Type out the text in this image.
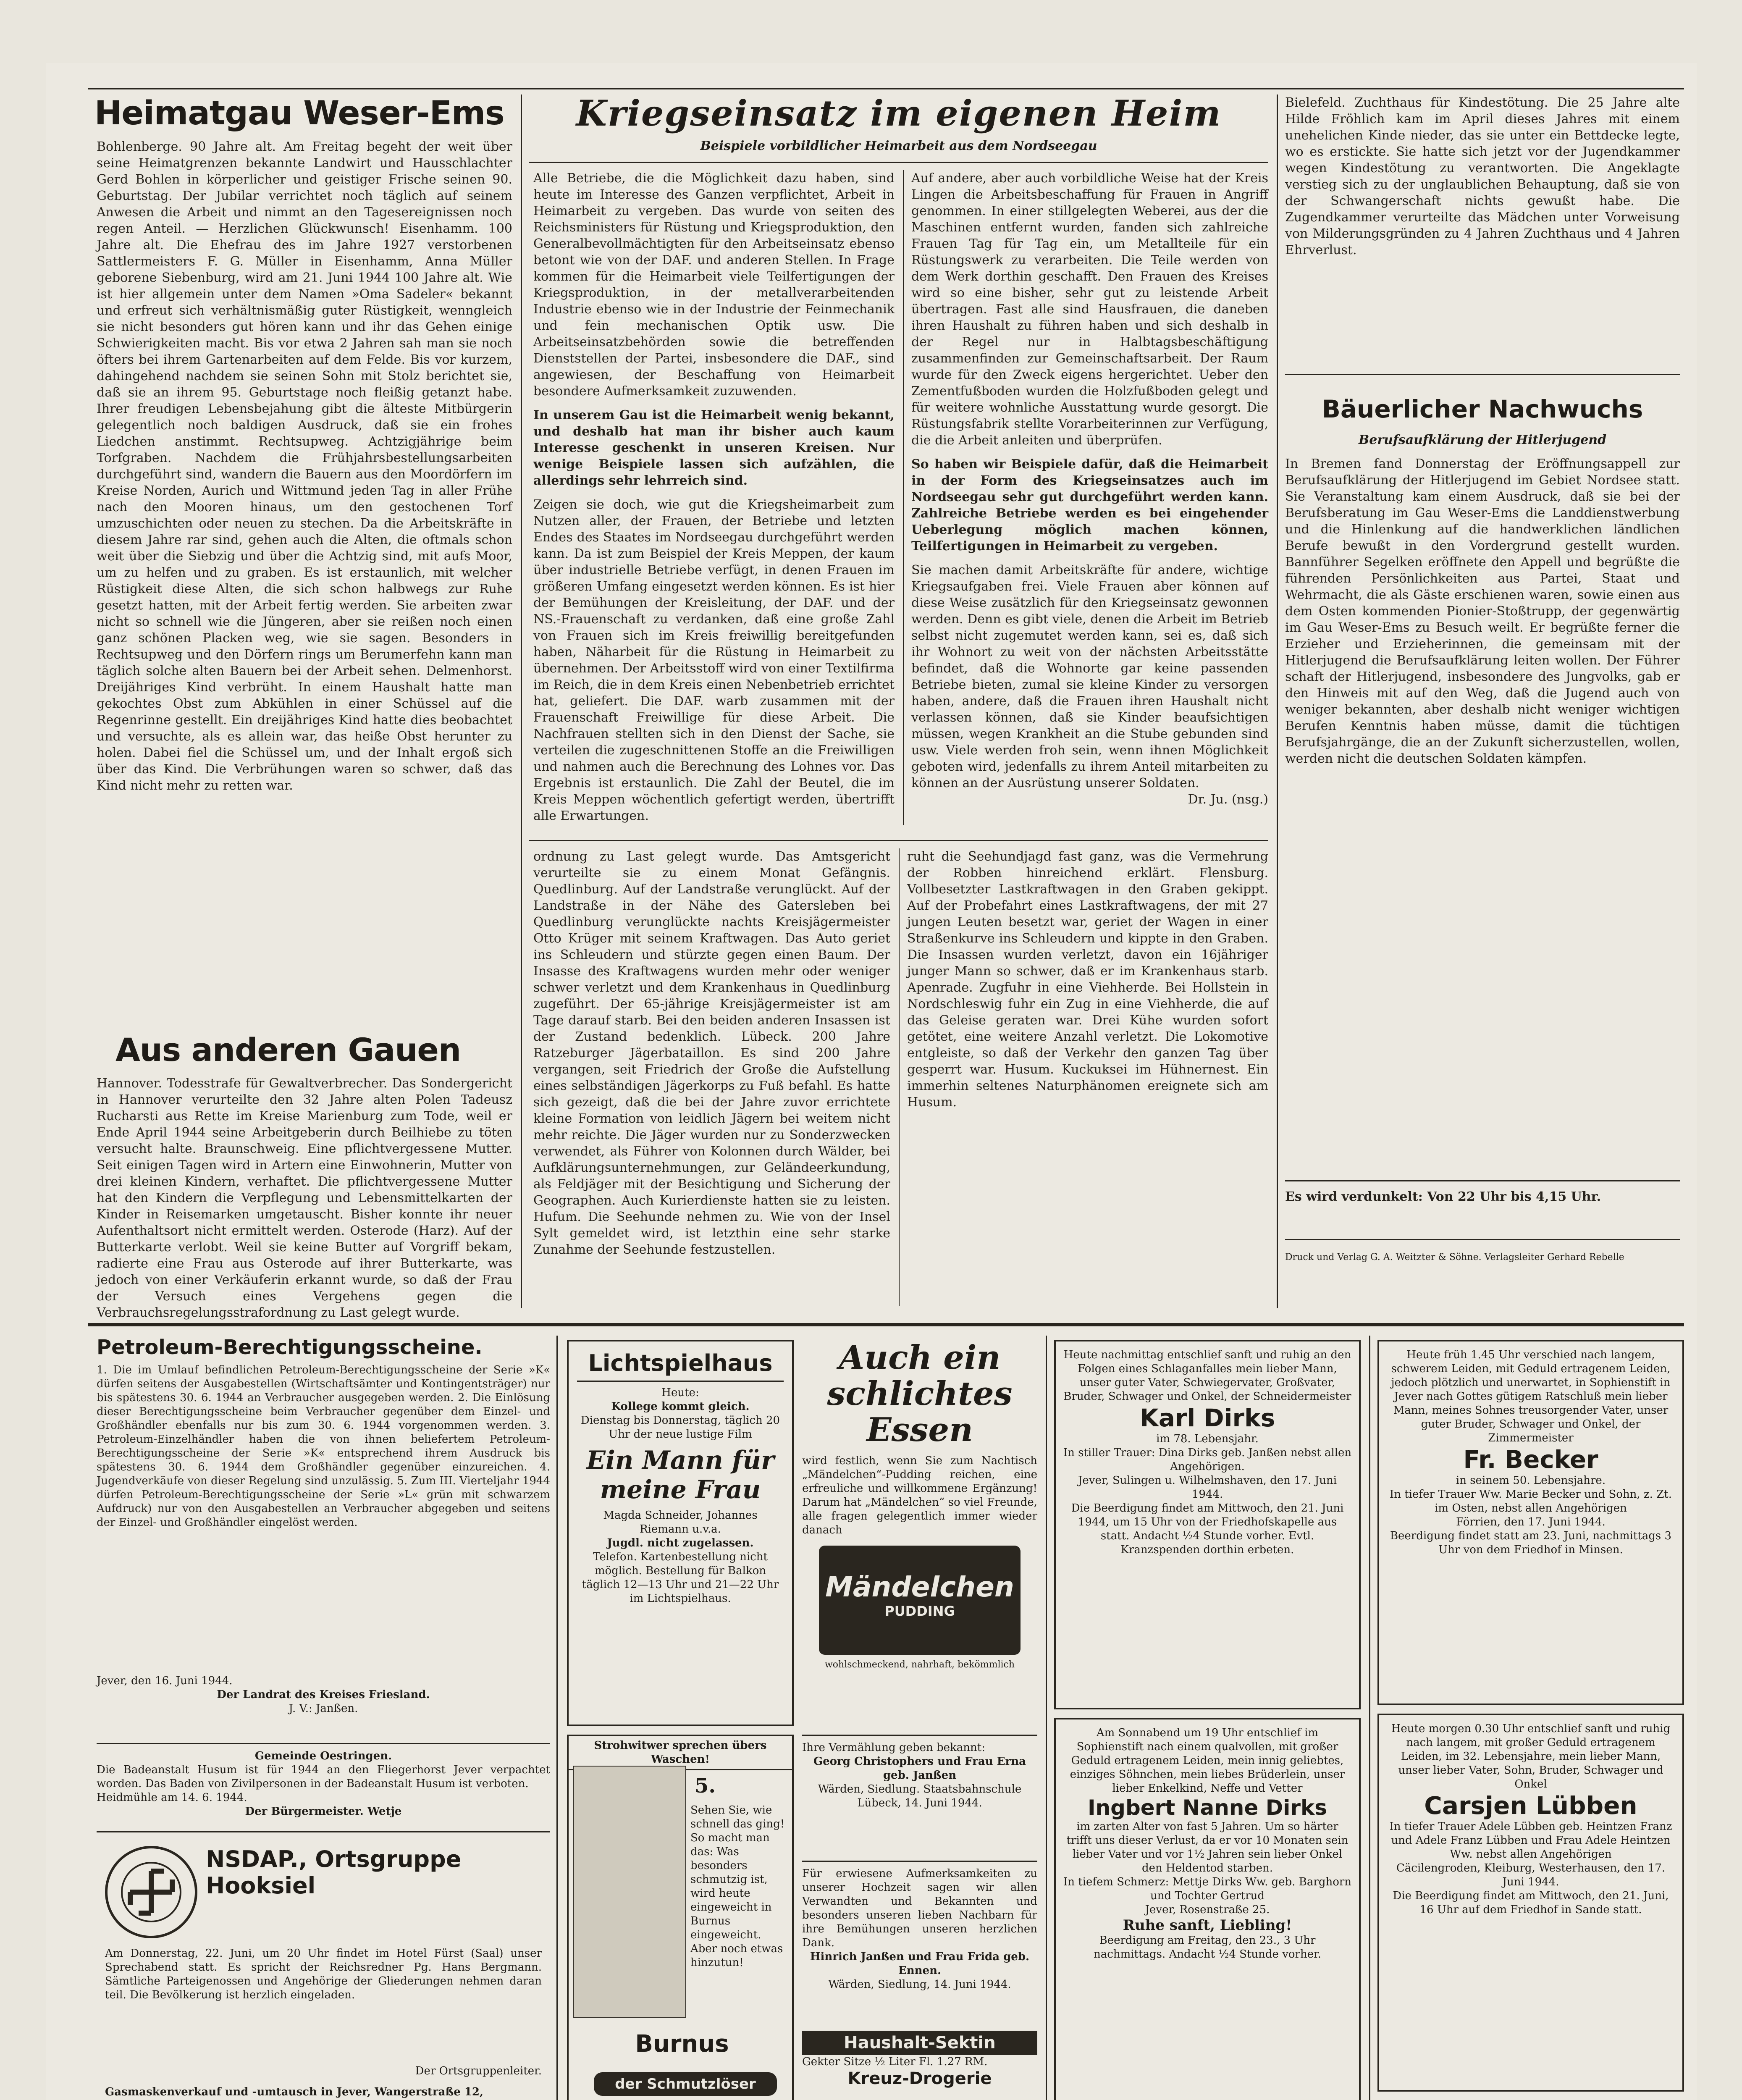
Heimatgau Weser-Ems
Bohlenberge. 90 Jahre alt. Am Freitag begeht der weit über seine Heimatgrenzen bekannte Landwirt und Hausschlachter Gerd Bohlen in körperlicher und geistiger Frische seinen 90. Geburtstag. Der Jubilar verrichtet noch täglich auf seinem Anwesen die Arbeit und nimmt an den Tagesereignissen noch regen Anteil. — Herzlichen Glückwunsch! Eisenhamm. 100 Jahre alt. Die Ehefrau des im Jahre 1927 verstorbenen Sattlermeisters F. G. Müller in Eisenhamm, Anna Müller geborene Siebenburg, wird am 21. Juni 1944 100 Jahre alt. Wie ist hier allgemein unter dem Namen »Oma Sadeler« bekannt und erfreut sich verhältnismäßig guter Rüstigkeit, wenngleich sie nicht besonders gut hören kann und ihr das Gehen einige Schwierigkeiten macht. Bis vor etwa 2 Jahren sah man sie noch öfters bei ihrem Gartenarbeiten auf dem Felde. Bis vor kurzem, dahingehend nachdem sie seinen Sohn mit Stolz berichtet sie, daß sie an ihrem 95. Geburtstage noch fleißig getanzt habe. Ihrer freudigen Lebensbejahung gibt die älteste Mitbürgerin gelegentlich noch baldigen Ausdruck, daß sie ein frohes Liedchen anstimmt. Rechtsupweg. Achtzigjährige beim Torfgraben. Nachdem die Frühjahrsbestellungsarbeiten durchgeführt sind, wandern die Bauern aus den Moordörfern im Kreise Norden, Aurich und Wittmund jeden Tag in aller Frühe nach den Mooren hinaus, um den gestochenen Torf umzuschichten oder neuen zu stechen. Da die Arbeitskräfte in diesem Jahre rar sind, gehen auch die Alten, die oftmals schon weit über die Siebzig und über die Achtzig sind, mit aufs Moor, um zu helfen und zu graben. Es ist erstaunlich, mit welcher Rüstigkeit diese Alten, die sich schon halbwegs zur Ruhe gesetzt hatten, mit der Arbeit fertig werden. Sie arbeiten zwar nicht so schnell wie die Jüngeren, aber sie reißen noch einen ganz schönen Placken weg, wie sie sagen. Besonders in Rechtsupweg und den Dörfern rings um Berumerfehn kann man täglich solche alten Bauern bei der Arbeit sehen. Delmenhorst. Dreijähriges Kind verbrüht. In einem Haushalt hatte man gekochtes Obst zum Abkühlen in einer Schüssel auf die Regenrinne gestellt. Ein dreijähriges Kind hatte dies beobachtet und versuchte, als es allein war, das heiße Obst herunter zu holen. Dabei fiel die Schüssel um, und der Inhalt ergoß sich über das Kind. Die Verbrühungen waren so schwer, daß das Kind nicht mehr zu retten war.
Aus anderen Gauen
Hannover. Todesstrafe für Gewaltverbrecher. Das Sondergericht in Hannover verurteilte den 32 Jahre alten Polen Tadeusz Rucharsti aus Rette im Kreise Marienburg zum Tode, weil er Ende April 1944 seine Arbeitgeberin durch Beilhiebe zu töten versucht halte. Braunschweig. Eine pflichtvergessene Mutter. Seit einigen Tagen wird in Artern eine Einwohnerin, Mutter von drei kleinen Kindern, verhaftet. Die pflichtvergessene Mutter hat den Kindern die Verpflegung und Lebensmittelkarten der Kinder in Reisemarken umgetauscht. Bisher konnte ihr neuer Aufenthaltsort nicht ermittelt werden. Osterode (Harz). Auf der Butterkarte verlobt. Weil sie keine Butter auf Vorgriff bekam, radierte eine Frau aus Osterode auf ihrer Butterkarte, was jedoch von einer Verkäuferin erkannt wurde, so daß der Frau der Versuch eines Vergehens gegen die Verbrauchsregelungsstrafordnung zu Last gelegt wurde.
Kriegseinsatz im eigenen Heim
Beispiele vorbildlicher Heimarbeit aus dem Nordseegau
Alle Betriebe, die die Möglichkeit dazu haben, sind heute im Interesse des Ganzen verpflichtet, Arbeit in Heimarbeit zu vergeben. Das wurde von seiten des Reichsministers für Rüstung und Kriegsproduktion, den Generalbevollmächtigten für den Arbeitseinsatz ebenso betont wie von der DAF. und anderen Stellen. In Frage kommen für die Heimarbeit viele Teilfertigungen der Kriegsproduktion, in der metallverarbeitenden Industrie ebenso wie in der Industrie der Feinmechanik und fein mechanischen Optik usw. Die Arbeitseinsatzbehörden sowie die betreffenden Dienststellen der Partei, insbesondere die DAF., sind angewiesen, der Beschaffung von Heimarbeit besondere Aufmerksamkeit zuzuwenden.
In unserem Gau ist die Heimarbeit wenig bekannt, und deshalb hat man ihr bisher auch kaum Interesse geschenkt in unseren Kreisen. Nur wenige Beispiele lassen sich aufzählen, die allerdings sehr lehrreich sind.
Zeigen sie doch, wie gut die Kriegsheimarbeit zum Nutzen aller, der Frauen, der Betriebe und letzten Endes des Staates im Nordseegau durchgeführt werden kann. Da ist zum Beispiel der Kreis Meppen, der kaum über industrielle Betriebe verfügt, in denen Frauen im größeren Umfang eingesetzt werden können. Es ist hier der Bemühungen der Kreisleitung, der DAF. und der NS.-Frauenschaft zu verdanken, daß eine große Zahl von Frauen sich im Kreis freiwillig bereitgefunden haben, Näharbeit für die Rüstung in Heimarbeit zu übernehmen. Der Arbeitsstoff wird von einer Textilfirma im Reich, die in dem Kreis einen Nebenbetrieb errichtet hat, geliefert. Die DAF. warb zusammen mit der Frauenschaft Freiwillige für diese Arbeit. Die Nachfrauen stellten sich in den Dienst der Sache, sie verteilen die zugeschnittenen Stoffe an die Freiwilligen und nahmen auch die Berechnung des Lohnes vor. Das Ergebnis ist erstaunlich. Die Zahl der Beutel, die im Kreis Meppen wöchentlich gefertigt werden, übertrifft alle Erwartungen.
Auf andere, aber auch vorbildliche Weise hat der Kreis Lingen die Arbeitsbeschaffung für Frauen in Angriff genommen. In einer stillgelegten Weberei, aus der die Maschinen entfernt wurden, fanden sich zahlreiche Frauen Tag für Tag ein, um Metallteile für ein Rüstungswerk zu verarbeiten. Die Teile werden von dem Werk dorthin geschafft. Den Frauen des Kreises wird so eine bisher, sehr gut zu leistende Arbeit übertragen. Fast alle sind Hausfrauen, die daneben ihren Haushalt zu führen haben und sich deshalb in der Regel nur in Halbtagsbeschäftigung zusammenfinden zur Gemeinschaftsarbeit. Der Raum wurde für den Zweck eigens hergerichtet. Ueber den Zementfußboden wurden die Holzfußboden gelegt und für weitere wohnliche Ausstattung wurde gesorgt. Die Rüstungsfabrik stellte Vorarbeiterinnen zur Verfügung, die die Arbeit anleiten und überprüfen.
So haben wir Beispiele dafür, daß die Heimarbeit in der Form des Kriegseinsatzes auch im Nordseegau sehr gut durchgeführt werden kann. Zahlreiche Betriebe werden es bei eingehender Ueberlegung möglich machen können, Teilfertigungen in Heimarbeit zu vergeben.
Sie machen damit Arbeitskräfte für andere, wichtige Kriegsaufgaben frei. Viele Frauen aber können auf diese Weise zusätzlich für den Kriegseinsatz gewonnen werden. Denn es gibt viele, denen die Arbeit im Betrieb selbst nicht zugemutet werden kann, sei es, daß sich ihr Wohnort zu weit von der nächsten Arbeitsstätte befindet, daß die Wohnorte gar keine passenden Betriebe bieten, zumal sie kleine Kinder zu versorgen haben, andere, daß die Frauen ihren Haushalt nicht verlassen können, daß sie Kinder beaufsichtigen müssen, wegen Krankheit an die Stube gebunden sind usw. Viele werden froh sein, wenn ihnen Möglichkeit geboten wird, jedenfalls zu ihrem Anteil mitarbeiten zu können an der Ausrüstung unserer Soldaten.
Dr. Ju. (nsg.)
ordnung zu Last gelegt wurde. Das Amtsgericht verurteilte sie zu einem Monat Gefängnis. Quedlinburg. Auf der Landstraße verunglückt. Auf der Landstraße in der Nähe des Gatersleben bei Quedlinburg verunglückte nachts Kreisjägermeister Otto Krüger mit seinem Kraftwagen. Das Auto geriet ins Schleudern und stürzte gegen einen Baum. Der Insasse des Kraftwagens wurden mehr oder weniger schwer verletzt und dem Krankenhaus in Quedlinburg zugeführt. Der 65-jährige Kreisjägermeister ist am Tage darauf starb. Bei den beiden anderen Insassen ist der Zustand bedenklich. Lübeck. 200 Jahre Ratzeburger Jägerbataillon. Es sind 200 Jahre vergangen, seit Friedrich der Große die Aufstellung eines selbständigen Jägerkorps zu Fuß befahl. Es hatte sich gezeigt, daß die bei der Jahre zuvor errichtete kleine Formation von leidlich Jägern bei weitem nicht mehr reichte. Die Jäger wurden nur zu Sonderzwecken verwendet, als Führer von Kolonnen durch Wälder, bei Aufklärungsunternehmungen, zur Geländeerkundung, als Feldjäger mit der Besichtigung und Sicherung der Geographen. Auch Kurierdienste hatten sie zu leisten. Hufum. Die Seehunde nehmen zu. Wie von der Insel Sylt gemeldet wird, ist letzthin eine sehr starke Zunahme der Seehunde festzustellen.
ruht die Seehundjagd fast ganz, was die Vermehrung der Robben hinreichend erklärt. Flensburg. Vollbesetzter Lastkraftwagen in den Graben gekippt. Auf der Probefahrt eines Lastkraftwagens, der mit 27 jungen Leuten besetzt war, geriet der Wagen in einer Straßenkurve ins Schleudern und kippte in den Graben. Die Insassen wurden verletzt, davon ein 16jähriger junger Mann so schwer, daß er im Krankenhaus starb. Apenrade. Zugfuhr in eine Viehherde. Bei Hollstein in Nordschleswig fuhr ein Zug in eine Viehherde, die auf das Geleise geraten war. Drei Kühe wurden sofort getötet, eine weitere Anzahl verletzt. Die Lokomotive entgleiste, so daß der Verkehr den ganzen Tag über gesperrt war. Husum. Kuckuksei im Hühnernest. Ein immerhin seltenes Naturphänomen ereignete sich am Husum.
Bielefeld. Zuchthaus für Kindestötung. Die 25 Jahre alte Hilde Fröhlich kam im April dieses Jahres mit einem unehelichen Kinde nieder, das sie unter ein Bettdecke legte, wo es erstickte. Sie hatte sich jetzt vor der Jugendkammer wegen Kindestötung zu verantworten. Die Angeklagte verstieg sich zu der unglaublichen Behauptung, daß sie von der Schwangerschaft nichts gewußt habe. Die Zugendkammer verurteilte das Mädchen unter Vorweisung von Milderungsgründen zu 4 Jahren Zuchthaus und 4 Jahren Ehrverlust.
Bäuerlicher Nachwuchs
Berufsaufklärung der Hitlerjugend
In Bremen fand Donnerstag der Eröffnungsappell zur Berufsaufklärung der Hitlerjugend im Gebiet Nordsee statt. Sie Veranstaltung kam einem Ausdruck, daß sie bei der Berufsberatung im Gau Weser-Ems die Landdienstwerbung und die Hinlenkung auf die handwerklichen ländlichen Berufe bewußt in den Vordergrund gestellt wurden. Bannführer Segelken eröffnete den Appell und begrüßte die führenden Persönlichkeiten aus Partei, Staat und Wehrmacht, die als Gäste erschienen waren, sowie einen aus dem Osten kommenden Pionier-Stoßtrupp, der gegenwärtig im Gau Weser-Ems zu Besuch weilt. Er begrüßte ferner die Erzieher und Erzieherinnen, die gemeinsam mit der Hitlerjugend die Berufsaufklärung leiten wollen. Der Führer schaft der Hitlerjugend, insbesondere des Jungvolks, gab er den Hinweis mit auf den Weg, daß die Jugend auch von weniger bekannten, aber deshalb nicht weniger wichtigen Berufen Kenntnis haben müsse, damit die tüchtigen Berufsjahrgänge, die an der Zukunft sicherzustellen, wollen, werden nicht die deutschen Soldaten kämpfen.
Es wird verdunkelt: Von 22 Uhr bis 4,15 Uhr.
Druck und Verlag G. A. Weitzter & Söhne. Verlagsleiter Gerhard Rebelle
Petroleum-Berechtigungsscheine.
1. Die im Umlauf befindlichen Petroleum-Berechtigungsscheine der Serie »K« dürfen seitens der Ausgabestellen (Wirtschaftsämter und Kontingentsträger) nur bis spätestens 30. 6. 1944 an Verbraucher ausgegeben werden. 2. Die Einlösung dieser Berechtigungsscheine beim Verbraucher gegenüber dem Einzel- und Großhändler ebenfalls nur bis zum 30. 6. 1944 vorgenommen werden. 3. Petroleum-Einzelhändler haben die von ihnen beliefertem Petroleum-Berechtigungsscheine der Serie »K« entsprechend ihrem Ausdruck bis spätestens 30. 6. 1944 dem Großhändler gegenüber einzureichen. 4. Jugendverkäufe von dieser Regelung sind unzulässig. 5. Zum III. Vierteljahr 1944 dürfen Petroleum-Berechtigungsscheine der Serie »L« grün mit schwarzem Aufdruck) nur von den Ausgabestellen an Verbraucher abgegeben und seitens der Einzel- und Großhändler eingelöst werden.
Jever, den 16. Juni 1944.
Der Landrat des Kreises Friesland.
J. V.: Janßen.
Gemeinde Oestringen.
Die Badeanstalt Husum ist für 1944 an den Fliegerhorst Jever verpachtet worden. Das Baden von Zivilpersonen in der Badeanstalt Husum ist verboten.
Heidmühle am 14. 6. 1944.
Der Bürgermeister. Wetje
NSDAP., Ortsgruppe Hooksiel
Am Donnerstag, 22. Juni, um 20 Uhr findet im Hotel Fürst (Saal) unser Sprechabend statt. Es spricht der Reichsredner Pg. Hans Bergmann. Sämtliche Parteigenossen und Angehörige der Gliederungen nehmen daran teil. Die Bevölkerung ist herzlich eingeladen.
Der Ortsgruppenleiter.
Gasmaskenverkauf und -umtausch in Jever, Wangerstraße 12,
Lichtspielhaus
Heute:
Kollege kommt gleich.
Dienstag bis Donnerstag, täglich 20 Uhr der neue lustige Film
Ein Mann für meine Frau
Magda Schneider, Johannes Riemann u.v.a.
Jugdl. nicht zugelassen.
Telefon. Kartenbestellung nicht möglich. Bestellung für Balkon täglich 12—13 Uhr und 21—22 Uhr im Lichtspielhaus.
Strohwitwer sprechen übers Waschen!
5.
Sehen Sie, wie schnell das ging! So macht man das: Was besonders schmutzig ist, wird heute eingeweicht in Burnus eingeweicht. Aber noch etwas hinzutun!
Burnus
der Schmutzlöser
Auch ein schlichtes Essen
wird festlich, wenn Sie zum Nachtisch „Mändelchen“-Pudding reichen, eine erfreuliche und willkommene Ergänzung! Darum hat „Mändelchen“ so viel Freunde, alle fragen gelegentlich immer wieder danach
Mändelchen
PUDDING
wohlschmeckend, nahrhaft, bekömmlich
Ihre Vermählung geben bekannt:
Georg Christophers und Frau Erna geb. Janßen
Wärden, Siedlung. Staatsbahnschule Lübeck, 14. Juni 1944.
Für erwiesene Aufmerksamkeiten zu unserer Hochzeit sagen wir allen Verwandten und Bekannten und besonders unseren lieben Nachbarn für ihre Bemühungen unseren herzlichen Dank.
Hinrich Janßen und Frau Frida geb. Ennen.
Wärden, Siedlung, 14. Juni 1944.
Heute nachmittag entschlief sanft und ruhig an den Folgen eines Schlaganfalles mein lieber Mann, unser guter Vater, Schwiegervater, Großvater, Bruder, Schwager und Onkel, der Schneidermeister
Karl Dirks
im 78. Lebensjahr.
In stiller Trauer: Dina Dirks geb. Janßen nebst allen Angehörigen.
Jever, Sulingen u. Wilhelmshaven, den 17. Juni 1944.
Die Beerdigung findet am Mittwoch, den 21. Juni 1944, um 15 Uhr von der Friedhofskapelle aus statt. Andacht ½4 Stunde vorher. Evtl. Kranzspenden dorthin erbeten.
Am Sonnabend um 19 Uhr entschlief im Sophienstift nach einem qualvollen, mit großer Geduld ertragenem Leiden, mein innig geliebtes, einziges Söhnchen, mein liebes Brüderlein, unser lieber Enkelkind, Neffe und Vetter
Ingbert Nanne Dirks
im zarten Alter von fast 5 Jahren. Um so härter trifft uns dieser Verlust, da er vor 10 Monaten sein lieber Vater und vor 1½ Jahren sein lieber Onkel den Heldentod starben.
In tiefem Schmerz: Mettje Dirks Ww. geb. Barghorn und Tochter Gertrud
Jever, Rosenstraße 25.
Ruhe sanft, Liebling!
Beerdigung am Freitag, den 23., 3 Uhr nachmittags. Andacht ½4 Stunde vorher.
Heute früh 1.45 Uhr verschied nach langem, schwerem Leiden, mit Geduld ertragenem Leiden, jedoch plötzlich und unerwartet, in Sophienstift in Jever nach Gottes gütigem Ratschluß mein lieber Mann, meines Sohnes treusorgender Vater, unser guter Bruder, Schwager und Onkel, der Zimmermeister
Fr. Becker
in seinem 50. Lebensjahre.
In tiefer Trauer Ww. Marie Becker und Sohn, z. Zt. im Osten, nebst allen Angehörigen
Förrien, den 17. Juni 1944.
Beerdigung findet statt am 23. Juni, nachmittags 3 Uhr von dem Friedhof in Minsen.
Heute morgen 0.30 Uhr entschlief sanft und ruhig nach langem, mit großer Geduld ertragenem Leiden, im 32. Lebensjahre, mein lieber Mann, unser lieber Vater, Sohn, Bruder, Schwager und Onkel
Carsjen Lübben
In tiefer Trauer Adele Lübben geb. Heintzen Franz und Adele Franz Lübben und Frau Adele Heintzen Ww. nebst allen Angehörigen
Cäcilengroden, Kleiburg, Westerhausen, den 17. Juni 1944.
Die Beerdigung findet am Mittwoch, den 21. Juni, 16 Uhr auf dem Friedhof in Sande statt.
Haushalt-Sektin
Gekter Sitze ½ Liter Fl. 1.27 RM.
Kreuz-Drogerie
